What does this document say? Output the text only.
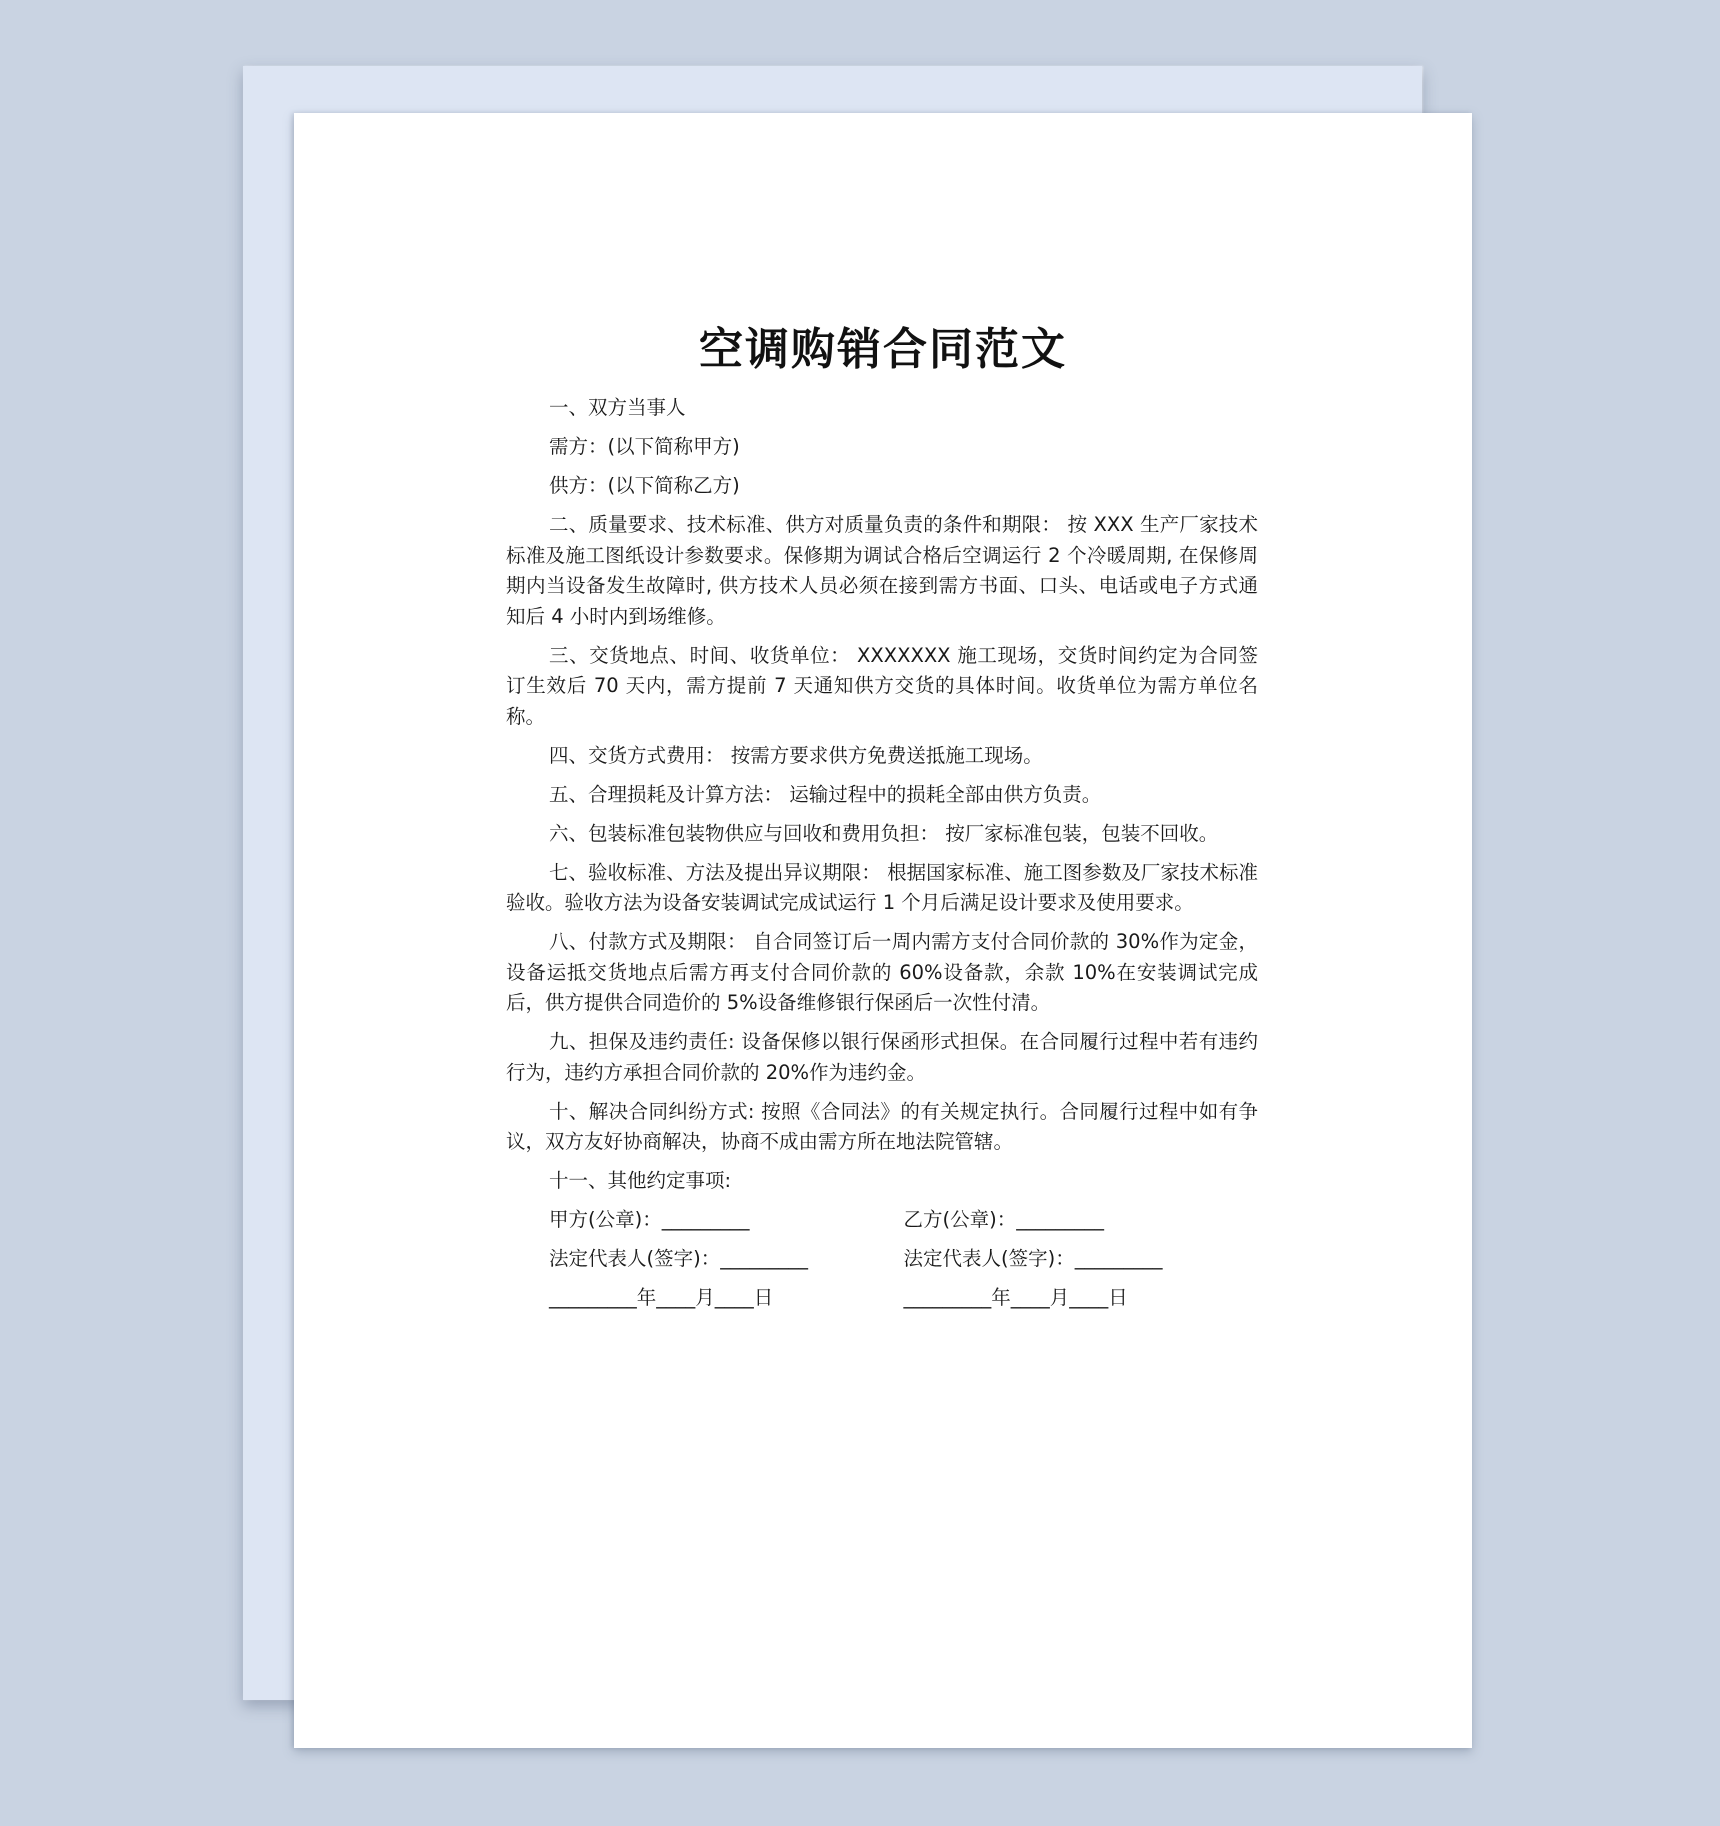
空调购销合同范文

一、双方当事人

需方：(以下简称甲方)

供方：(以下简称乙方)

二、质量要求、技术标准、供方对质量负责的条件和期限： 按 XXX 生产厂家技术标准及施工图纸设计参数要求。保修期为调试合格后空调运行 2 个冷暖周期, 在保修周期内当设备发生故障时, 供方技术人员必须在接到需方书面、口头、电话或电子方式通知后 4 小时内到场维修。

三、交货地点、时间、收货单位： XXXXXXX 施工现场，交货时间约定为合同签订生效后 70 天内，需方提前 7 天通知供方交货的具体时间。收货单位为需方单位名称。

四、交货方式费用： 按需方要求供方免费送抵施工现场。

五、合理损耗及计算方法： 运输过程中的损耗全部由供方负责。

六、包装标准包装物供应与回收和费用负担： 按厂家标准包装，包装不回收。

七、验收标准、方法及提出异议期限： 根据国家标准、施工图参数及厂家技术标准验收。验收方法为设备安装调试完成试运行 1 个月后满足设计要求及使用要求。

八、付款方式及期限： 自合同签订后一周内需方支付合同价款的 30%作为定金，设备运抵交货地点后需方再支付合同价款的 60%设备款，余款 10%在安装调试完成后，供方提供合同造价的 5%设备维修银行保函后一次性付清。

九、担保及违约责任: 设备保修以银行保函形式担保。在合同履行过程中若有违约行为，违约方承担合同价款的 20%作为违约金。

十、解决合同纠纷方式: 按照《合同法》的有关规定执行。合同履行过程中如有争议，双方友好协商解决，协商不成由需方所在地法院管辖。

十一、其他约定事项:

甲方(公章)：_________	乙方(公章)：_________
法定代表人(签字)：_________	法定代表人(签字)：_________
_________年____月____日	_________年____月____日
